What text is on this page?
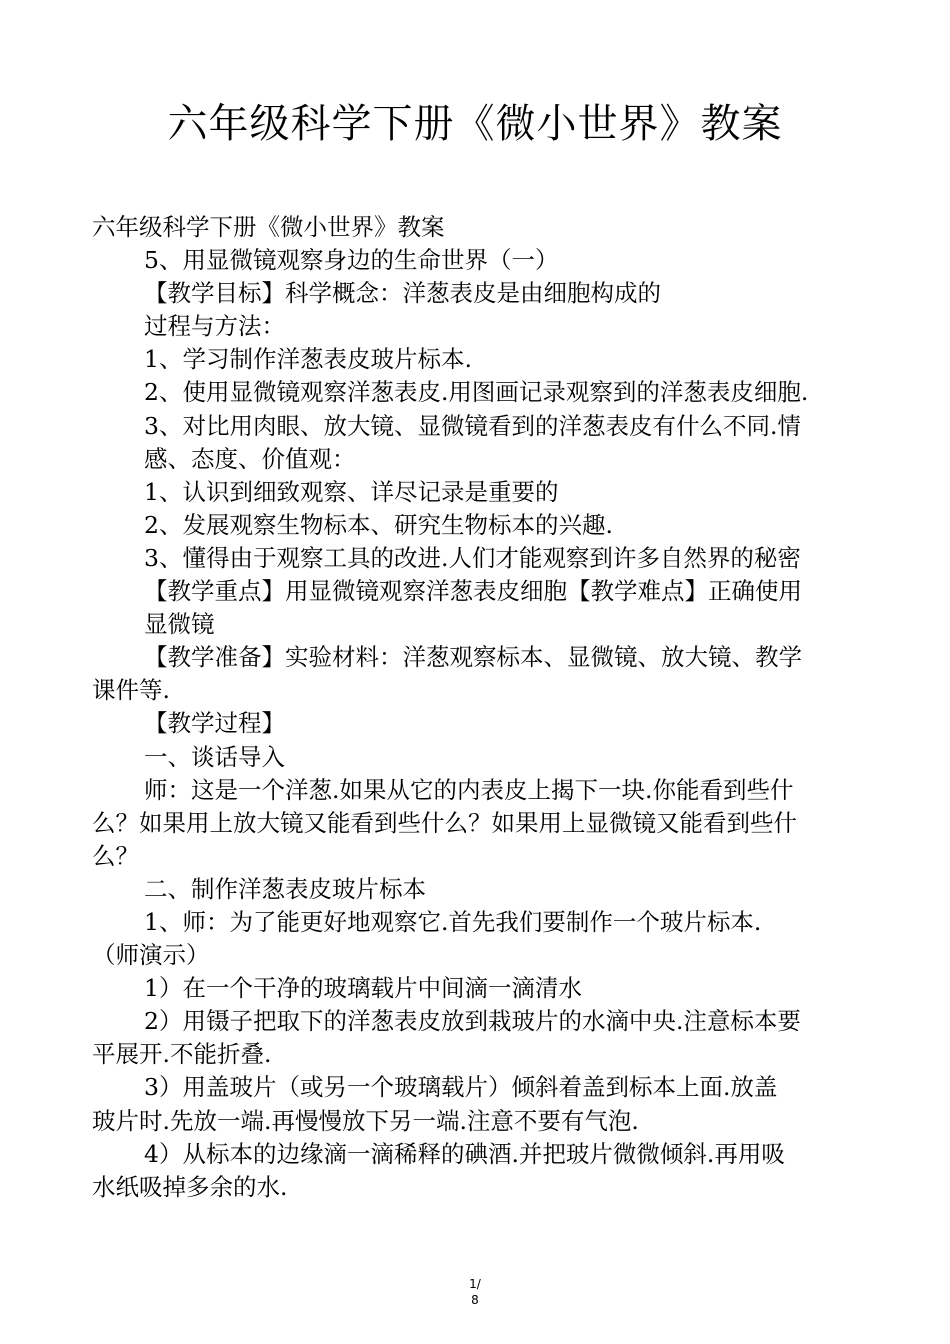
六年级科学下册《微小世界》教案
六年级科学下册《微小世界》教案
5、用显微镜观察身边的生命世界（一）
【教学目标】科学概念：洋葱表皮是由细胞构成的
过程与方法：
1、学习制作洋葱表皮玻片标本.
2、使用显微镜观察洋葱表皮.用图画记录观察到的洋葱表皮细胞.
3、对比用肉眼、放大镜、显微镜看到的洋葱表皮有什么不同.情
感、态度、价值观：
1、认识到细致观察、详尽记录是重要的
2、发展观察生物标本、研究生物标本的兴趣.
3、懂得由于观察工具的改进.人们才能观察到许多自然界的秘密
【教学重点】用显微镜观察洋葱表皮细胞【教学难点】正确使用
显微镜
【教学准备】实验材料：洋葱观察标本、显微镜、放大镜、教学
课件等.
【教学过程】
一、谈话导入
师：这是一个洋葱.如果从它的内表皮上揭下一块.你能看到些什
么？如果用上放大镜又能看到些什么？如果用上显微镜又能看到些什
么？
二、制作洋葱表皮玻片标本
1、师：为了能更好地观察它.首先我们要制作一个玻片标本.
（师演示）
1）在一个干净的玻璃载片中间滴一滴清水
2）用镊子把取下的洋葱表皮放到栽玻片的水滴中央.注意标本要
平展开.不能折叠.
3）用盖玻片（或另一个玻璃载片）倾斜着盖到标本上面.放盖
玻片时.先放一端.再慢慢放下另一端.注意不要有气泡.
4）从标本的边缘滴一滴稀释的碘酒.并把玻片微微倾斜.再用吸
水纸吸掉多余的水.
1/
8
